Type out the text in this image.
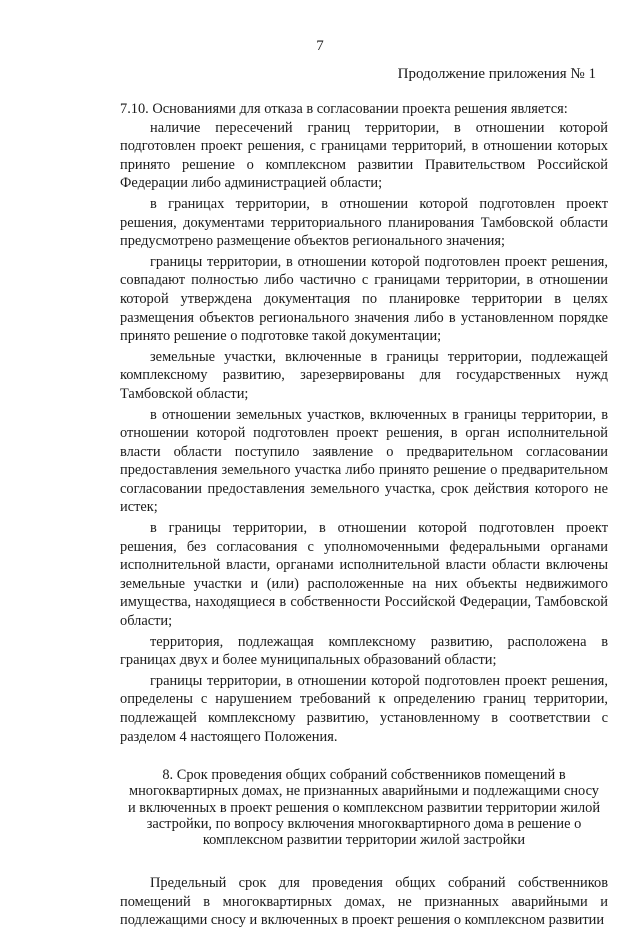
7
Продолжение приложения № 1

7.10. Основаниями для отказа в согласовании проекта решения является:

наличие пересечений границ территории, в отношении которой подготовлен проект решения, с границами территорий, в отношении которых принято решение о комплексном развитии Правительством Российской Федерации либо администрацией области;

в границах территории, в отношении которой подготовлен проект решения, документами территориального планирования Тамбовской области предусмотрено размещение объектов регионального значения;

границы территории, в отношении которой подготовлен проект решения, совпадают полностью либо частично с границами территории, в отношении которой утверждена документация по планировке территории в целях размещения объектов регионального значения либо в установленном порядке принято решение о подготовке такой документации;

земельные участки, включенные в границы территории, подлежащей комплексному развитию, зарезервированы для государственных нужд Тамбовской области;

в отношении земельных участков, включенных в границы территории, в отношении которой подготовлен проект решения, в орган исполнительной власти области поступило заявление о предварительном согласовании предоставления земельного участка либо принято решение о предварительном согласовании предоставления земельного участка, срок действия которого не истек;

в границы территории, в отношении которой подготовлен проект решения, без согласования с уполномоченными федеральными органами исполнительной власти, органами исполнительной власти области включены земельные участки и (или) расположенные на них объекты недвижимого имущества, находящиеся в собственности Российской Федерации, Тамбовской области;

территория, подлежащая комплексному развитию, расположена в границах двух и более муниципальных образований области;

границы территории, в отношении которой подготовлен проект решения, определены с нарушением требований к определению границ территории, подлежащей комплексному развитию, установленному в соответствии с разделом 4 настоящего Положения.

8. Срок проведения общих собраний собственников помещений в многоквартирных домах, не признанных аварийными и подлежащими сносу и включенных в проект решения о комплексном развитии территории жилой застройки, по вопросу включения многоквартирного дома в решение о комплексном развитии территории жилой застройки

Предельный срок для проведения общих собраний собственников помещений в многоквартирных домах, не признанных аварийными и подлежащими сносу и включенных в проект решения о комплексном развитии
